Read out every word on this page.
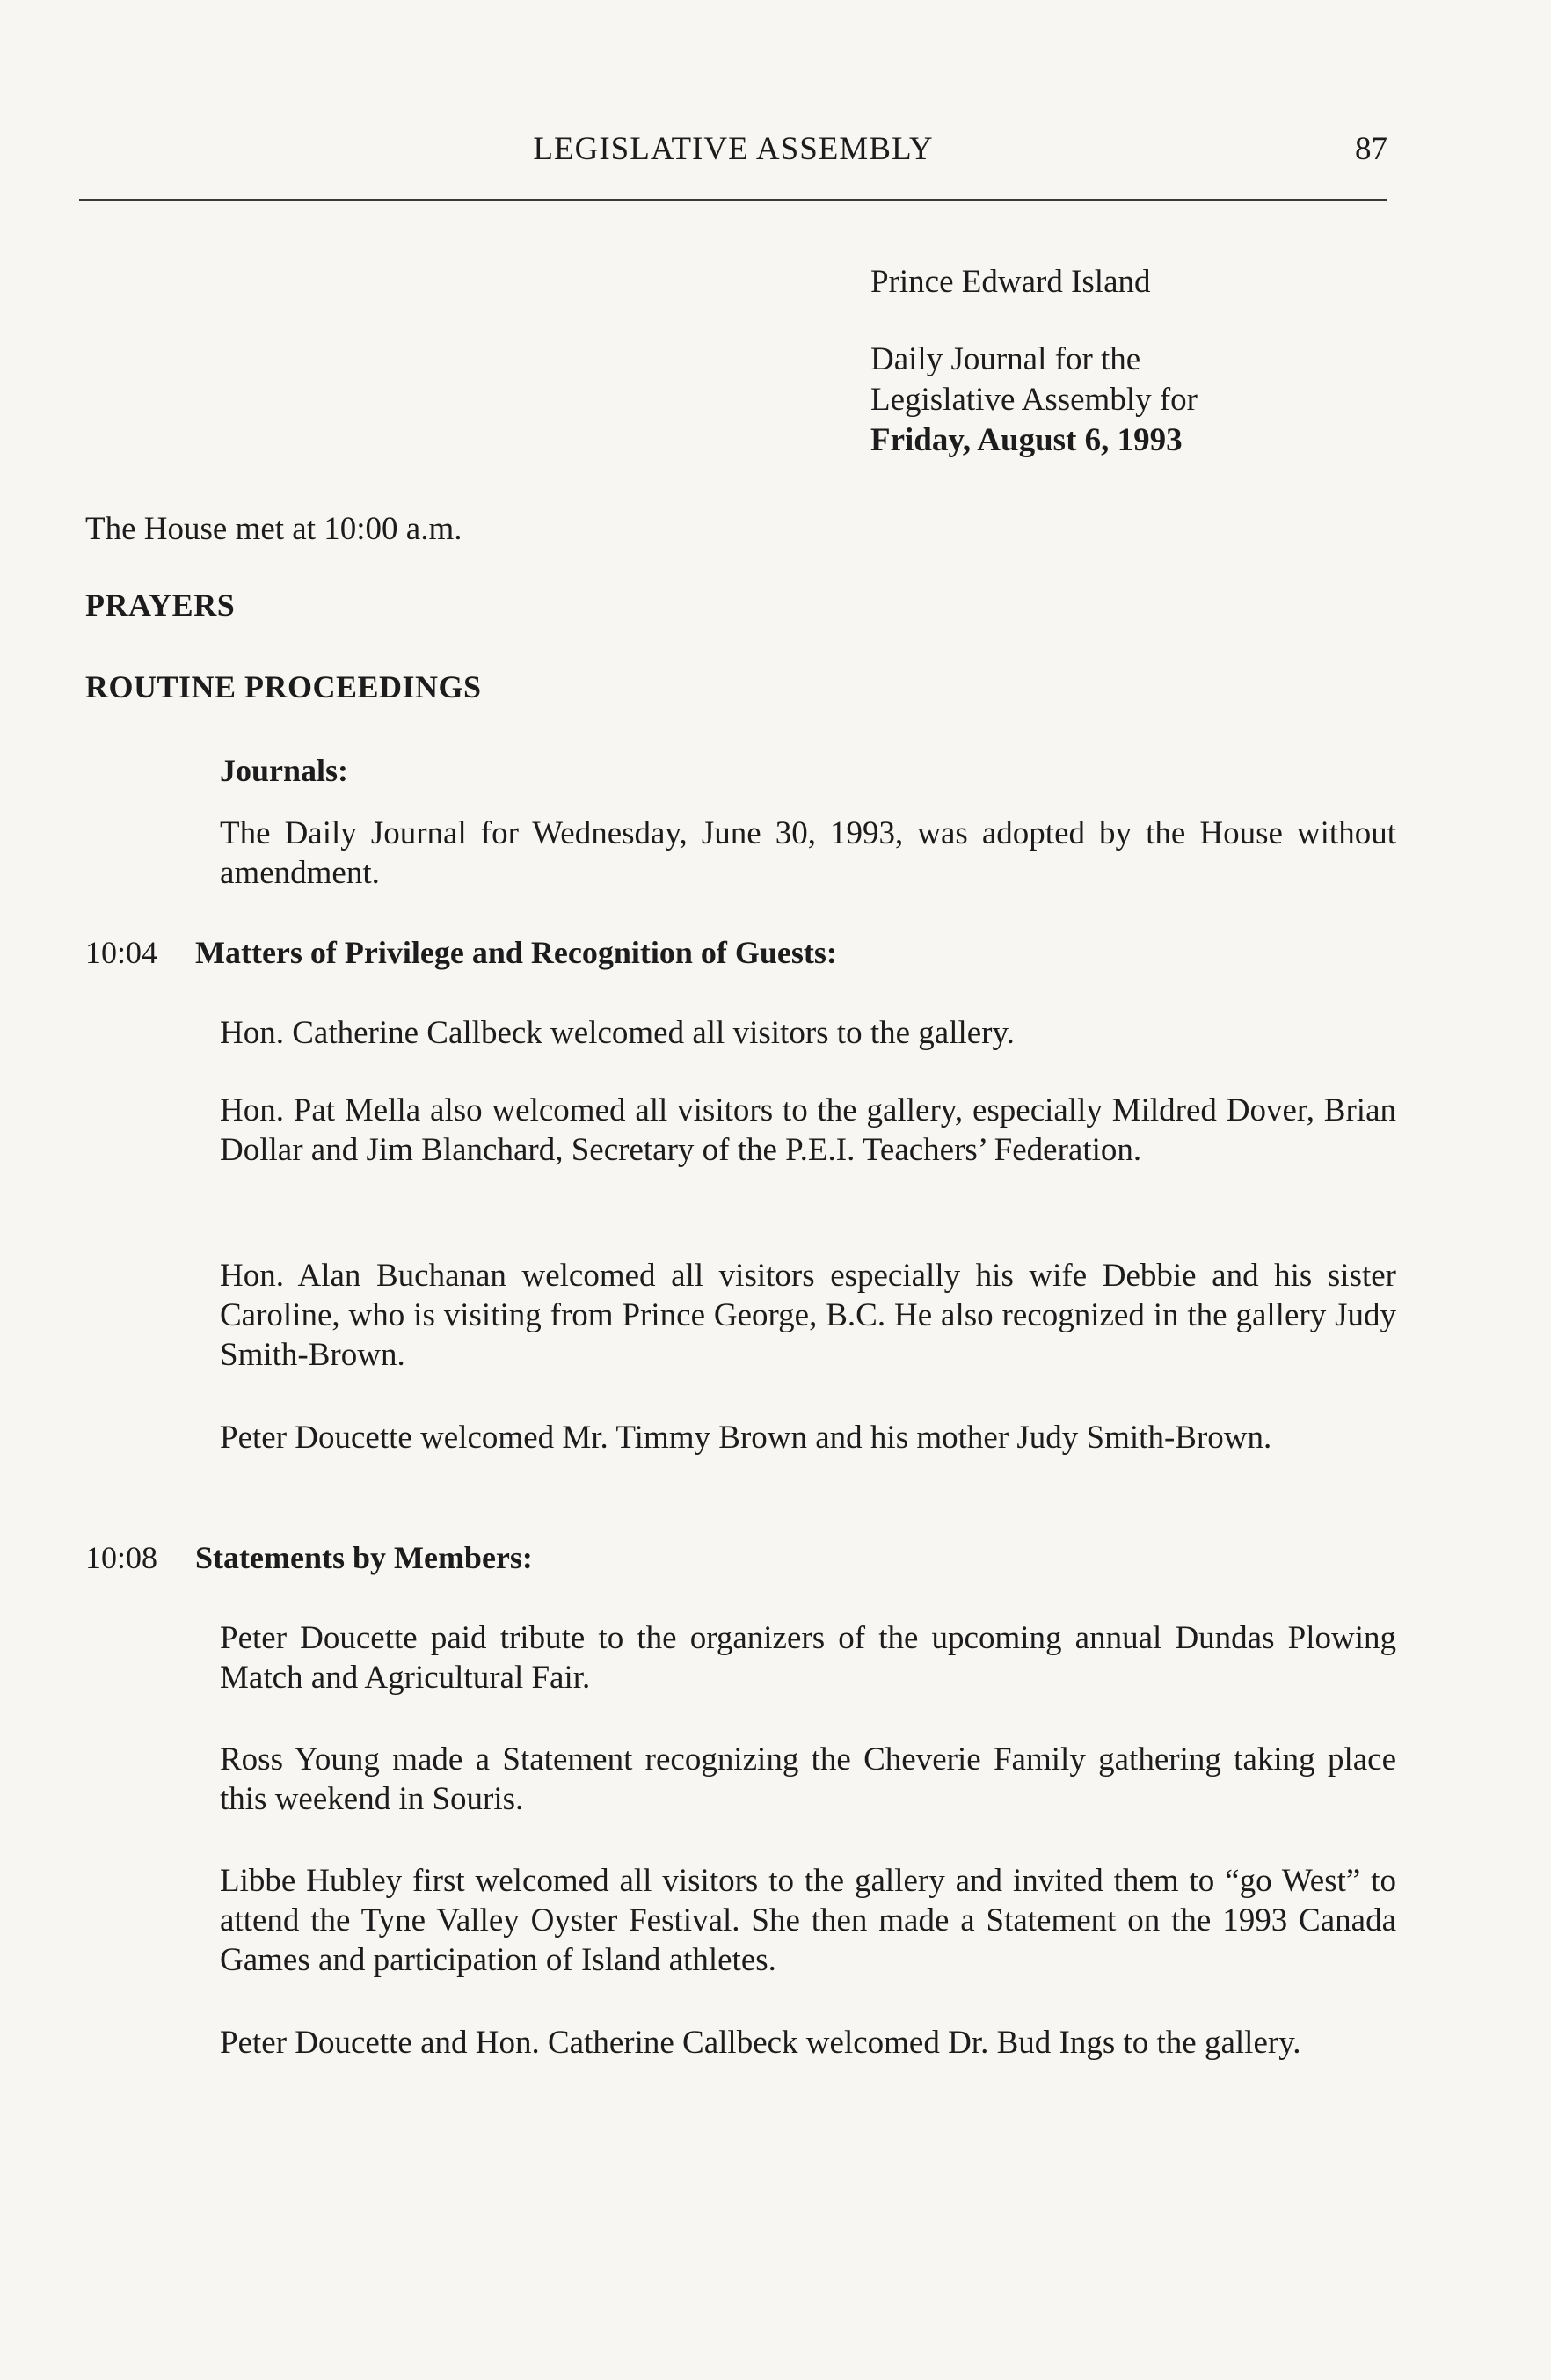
LEGISLATIVE ASSEMBLY	87
Prince Edward Island
Daily Journal for the
Legislative Assembly for
Friday, August 6, 1993
The House met at 10:00 a.m.
PRAYERS
ROUTINE PROCEEDINGS
Journals:
The Daily Journal for Wednesday, June 30, 1993, was adopted by the House without amendment.
10:04 Matters of Privilege and Recognition of Guests:
Hon. Catherine Callbeck welcomed all visitors to the gallery.
Hon. Pat Mella also welcomed all visitors to the gallery, especially Mildred Dover, Brian Dollar and Jim Blanchard, Secretary of the P.E.I. Teachers’ Federation.
Hon. Alan Buchanan welcomed all visitors especially his wife Debbie and his sister Caroline, who is visiting from Prince George, B.C. He also recognized in the gallery Judy Smith-Brown.
Peter Doucette welcomed Mr. Timmy Brown and his mother Judy Smith-Brown.
10:08 Statements by Members:
Peter Doucette paid tribute to the organizers of the upcoming annual Dundas Plowing Match and Agricultural Fair.
Ross Young made a Statement recognizing the Cheverie Family gathering taking place this weekend in Souris.
Libbe Hubley first welcomed all visitors to the gallery and invited them to “go West” to attend the Tyne Valley Oyster Festival. She then made a Statement on the 1993 Canada Games and participation of Island athletes.
Peter Doucette and Hon. Catherine Callbeck welcomed Dr. Bud Ings to the gallery.
